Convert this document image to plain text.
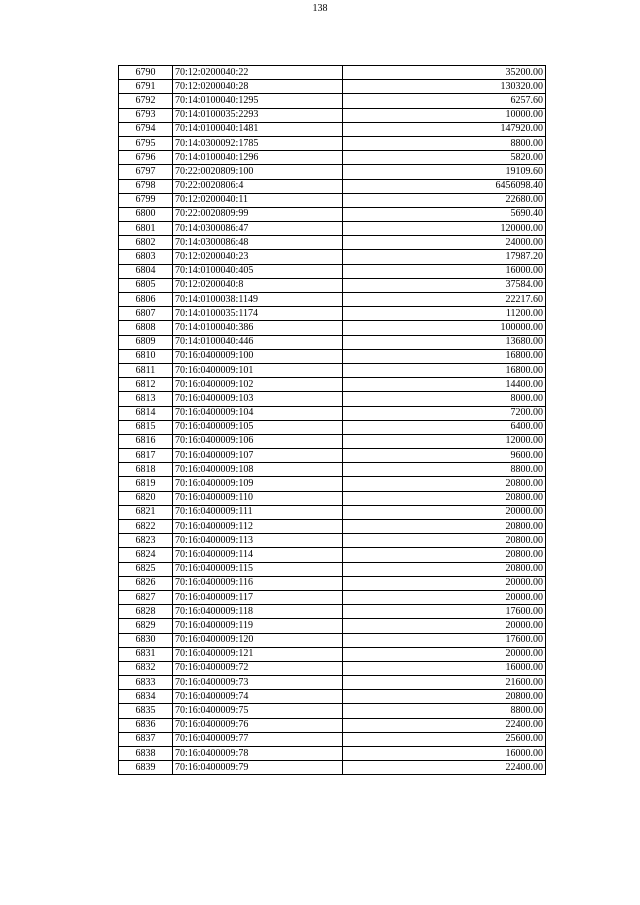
138
6790	70:12:0200040:22	35200.00
6791	70:12:0200040:28	130320.00
6792	70:14:0100040:1295	6257.60
6793	70:14:0100035:2293	10000.00
6794	70:14:0100040:1481	147920.00
6795	70:14:0300092:1785	8800.00
6796	70:14:0100040:1296	5820.00
6797	70:22:0020809:100	19109.60
6798	70:22:0020806:4	6456098.40
6799	70:12:0200040:11	22680.00
6800	70:22:0020809:99	5690.40
6801	70:14:0300086:47	120000.00
6802	70:14:0300086:48	24000.00
6803	70:12:0200040:23	17987.20
6804	70:14:0100040:405	16000.00
6805	70:12:0200040:8	37584.00
6806	70:14:0100038:1149	22217.60
6807	70:14:0100035:1174	11200.00
6808	70:14:0100040:386	100000.00
6809	70:14:0100040:446	13680.00
6810	70:16:0400009:100	16800.00
6811	70:16:0400009:101	16800.00
6812	70:16:0400009:102	14400.00
6813	70:16:0400009:103	8000.00
6814	70:16:0400009:104	7200.00
6815	70:16:0400009:105	6400.00
6816	70:16:0400009:106	12000.00
6817	70:16:0400009:107	9600.00
6818	70:16:0400009:108	8800.00
6819	70:16:0400009:109	20800.00
6820	70:16:0400009:110	20800.00
6821	70:16:0400009:111	20000.00
6822	70:16:0400009:112	20800.00
6823	70:16:0400009:113	20800.00
6824	70:16:0400009:114	20800.00
6825	70:16:0400009:115	20800.00
6826	70:16:0400009:116	20000.00
6827	70:16:0400009:117	20000.00
6828	70:16:0400009:118	17600.00
6829	70:16:0400009:119	20000.00
6830	70:16:0400009:120	17600.00
6831	70:16:0400009:121	20000.00
6832	70:16:0400009:72	16000.00
6833	70:16:0400009:73	21600.00
6834	70:16:0400009:74	20800.00
6835	70:16:0400009:75	8800.00
6836	70:16:0400009:76	22400.00
6837	70:16:0400009:77	25600.00
6838	70:16:0400009:78	16000.00
6839	70:16:0400009:79	22400.00
